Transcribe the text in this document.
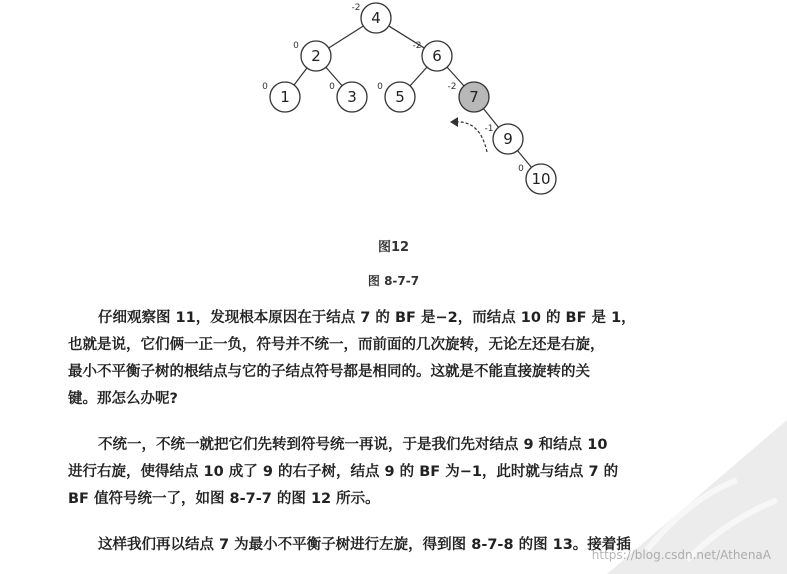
4
-2
2
0
6
-2
1
0
3
0
5
0
7
-2
9
-1
10
0
图12
图 8-7-7

仔细观察图 11，发现根本原因在于结点 7 的 BF 是−2，而结点 10 的 BF 是 1，
也就是说，它们俩一正一负，符号并不统一，而前面的几次旋转，无论左还是右旋，
最小不平衡子树的根结点与它的子结点符号都是相同的。这就是不能直接旋转的关
键。那怎么办呢?

不统一，不统一就把它们先转到符号统一再说，于是我们先对结点 9 和结点 10
进行右旋，使得结点 10 成了 9 的右子树，结点 9 的 BF 为−1，此时就与结点 7 的
BF 值符号统一了，如图 8-7-7 的图 12 所示。

这样我们再以结点 7 为最小不平衡子树进行左旋，得到图 8-7-8 的图 13。接着插

https://blog.csdn.net/AthenaA
